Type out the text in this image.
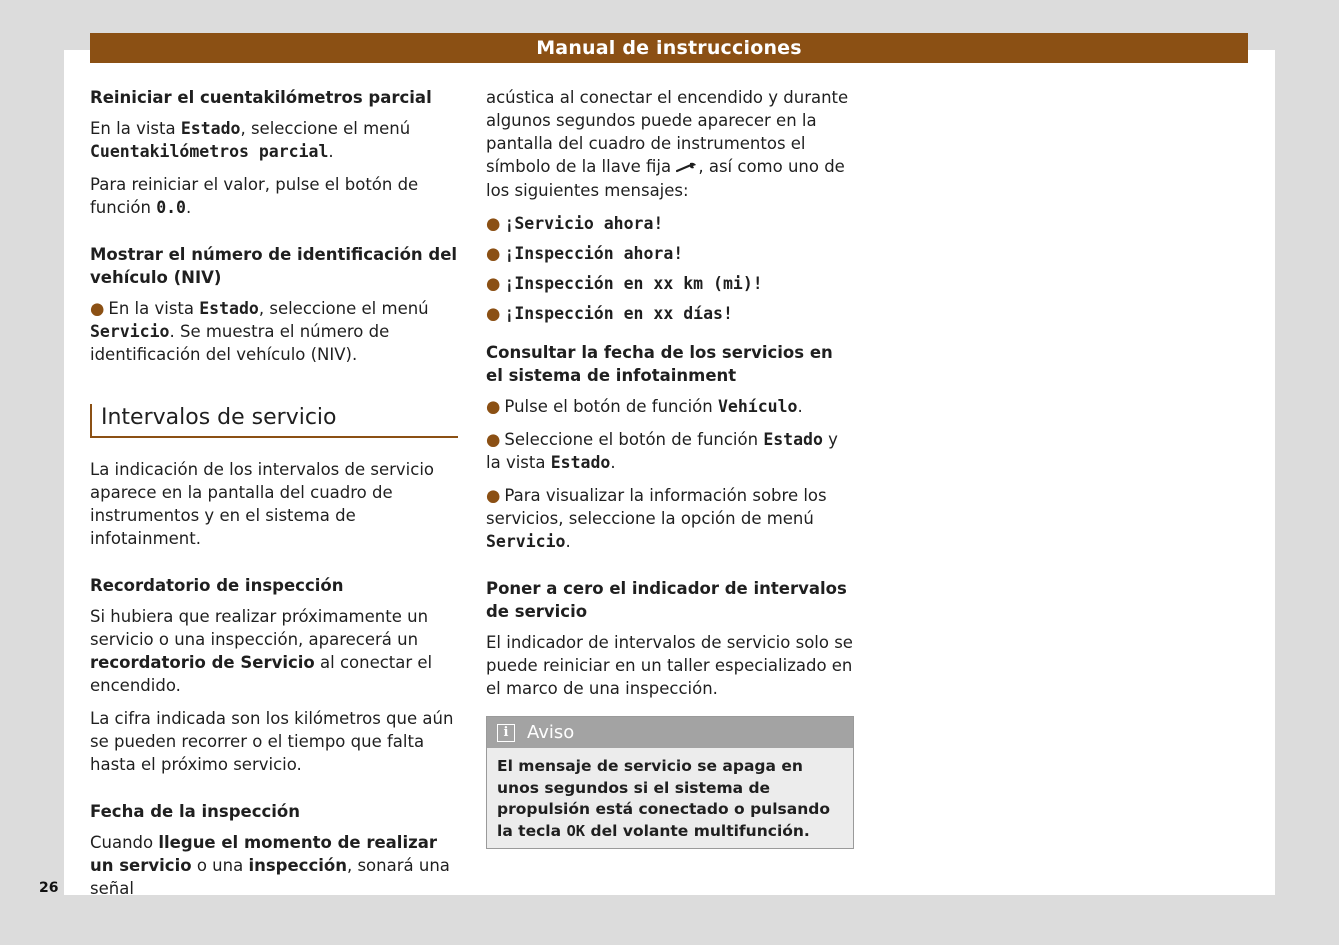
Manual de instrucciones
Reiniciar el cuentakilómetros parcial

En la vista Estado, seleccione el menú Cuentakilómetros parcial.

Para reiniciar el valor, pulse el botón de función 0.0.

Mostrar el número de identificación del vehículo (NIV)

● En la vista Estado, seleccione el menú Servicio. Se muestra el número de identificación del vehículo (NIV).

Intervalos de servicio

La indicación de los intervalos de servicio aparece en la pantalla del cuadro de instrumentos y en el sistema de infotainment.

Recordatorio de inspección

Si hubiera que realizar próximamente un servicio o una inspección, aparecerá un recordatorio de Servicio al conectar el encendido.

La cifra indicada son los kilómetros que aún se pueden recorrer o el tiempo que falta hasta el próximo servicio.

Fecha de la inspección

Cuando llegue el momento de realizar un servicio o una inspección, sonará una señal

acústica al conectar el encendido y durante algunos segundos puede aparecer en la pantalla del cuadro de instrumentos el símbolo de la llave fija , así como uno de los siguientes mensajes:

● ¡Servicio ahora!
● ¡Inspección ahora!
● ¡Inspección en xx km (mi)!
● ¡Inspección en xx días!
Consultar la fecha de los servicios en el sistema de infotainment

● Pulse el botón de función Vehículo.

● Seleccione el botón de función Estado y la vista Estado.

● Para visualizar la información sobre los servicios, seleccione la opción de menú Servicio.

Poner a cero el indicador de intervalos de servicio

El indicador de intervalos de servicio solo se puede reiniciar en un taller especializado en el marco de una inspección.

i	Aviso
El mensaje de servicio se apaga en unos segundos si el sistema de propulsión está conectado o pulsando la tecla OK del volante multifunción.
26
